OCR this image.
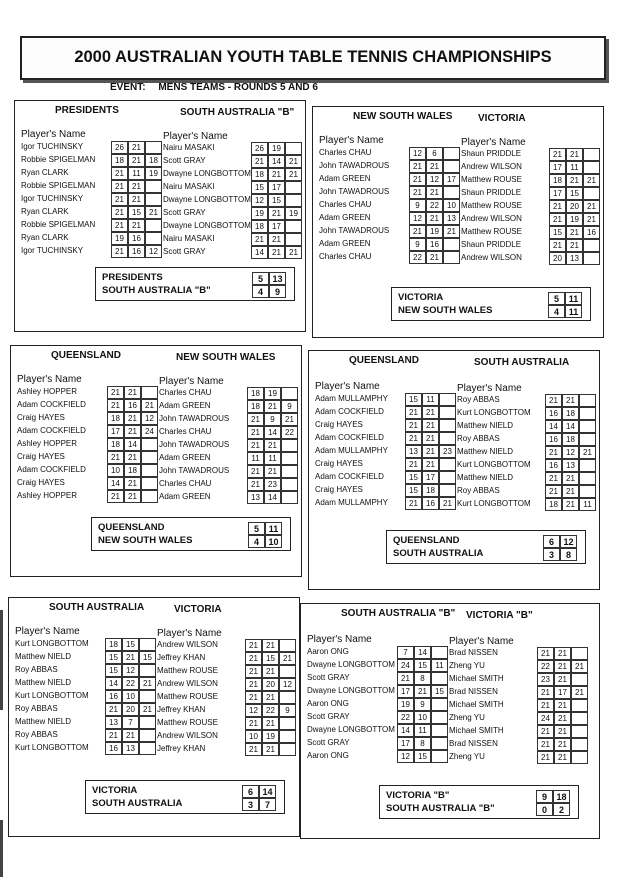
2000 AUSTRALIAN YOUTH TABLE TENNIS CHAMPIONSHIPS
EVENT: MENS TEAMS - ROUNDS 5 AND 6
PRESIDENTS	SOUTH AUSTRALIA "B"
Player's Name	Player's Name
Igor TUCHINSKY	26	21	Nairu MASAKI	26	19
Robbie SPIGELMAN	18	21	18 Scott GRAY	21	14	21
Ryan CLARK	21	11	19 Dwayne LONGBOTTOM 18	21	21
Robbie SPIGELMAN	21	21	Nairu MASAKI	15	17
Igor TUCHINSKY	21	21	Dwayne LONGBOTTOM 12	15
Ryan CLARK	21	15	21 Scott GRAY	19	21	19
Robbie SPIGELMAN	21	21	Dwayne LONGBOTTOM 18	17
Ryan CLARK	19	16	Nairu MASAKI	21	21
Igor TUCHINSKY	21	16	12 Scott GRAY	14	21	21
PRESIDENTS	5	13
SOUTH AUSTRALIA "B"	4	9
NEW SOUTH WALES	VICTORIA
Player's Name	Player's Name
Charles CHAU	12	6	Shaun PRIDDLE	21	21
John TAWADROUS	21	21	Andrew WILSON	17	11
Adam GREEN	21	12	17 Matthew ROUSE	18	21	21
John TAWADROUS	21	21	Shaun PRIDDLE	17	15
Charles CHAU	9	22	10 Matthew ROUSE	21	20	21
Adam GREEN	12	21	13 Andrew WILSON	21	19	21
John TAWADROUS	21	19	21 Matthew ROUSE	15	21	16
Adam GREEN	9	16	Shaun PRIDDLE	21	21
Charles CHAU	22	21	Andrew WILSON	20	13
VICTORIA	5	11
NEW SOUTH WALES	4	11
QUEENSLAND	NEW SOUTH WALES
Player's Name	Player's Name
Ashley HOPPER	21	21	Charles CHAU	18	19
Adam COCKFIELD	21	16	21 Adam GREEN	18	21	9
Craig HAYES	18	21	12 John TAWADROUS	21	9	21
Adam COCKFIELD	17	21	24 Charles CHAU	21	14	22
Ashley HOPPER	18	14	John TAWADROUS	21	21
Craig HAYES	21	21	Adam GREEN	11	11
Adam COCKFIELD	10	18	John TAWADROUS	21	21
Craig HAYES	14	21	Charles CHAU	21	23
Ashley HOPPER	21	21	Adam GREEN	13	14
QUEENSLAND	5	11
NEW SOUTH WALES	4	10
QUEENSLAND	SOUTH AUSTRALIA
Player's Name	Player's Name
Adam MULLAMPHY	15	11	Roy ABBAS	21	21
Adam COCKFIELD	21	21	Kurt LONGBOTTOM	16	18
Craig HAYES	21	21	Matthew NIELD	14	14
Adam COCKFIELD	21	21	Roy ABBAS	16	18
Adam MULLAMPHY	13	21	23 Matthew NIELD	21	12	21
Craig HAYES	21	21	Kurt LONGBOTTOM	16	13
Adam COCKFIELD	15	17	Matthew NIELD	21	21
Craig HAYES	15	18	Roy ABBAS	21	21
Adam MULLAMPHY	21	16	21 Kurt LONGBOTTOM	18	21	11
QUEENSLAND	6	12
SOUTH AUSTRALIA	3	8
SOUTH AUSTRALIA	VICTORIA
Player's Name	Player's Name
Kurt LONGBOTTOM	18	15	Andrew WILSON	21	21
Matthew NIELD	15	21	15 Jeffrey KHAN	21	15	21
Roy ABBAS	15	12	Matthew ROUSE	21	21
Matthew NIELD	14	22	21 Andrew WILSON	21	20	12
Kurt LONGBOTTOM	16	10	Matthew ROUSE	21	21
Roy ABBAS	21	20	21 Jeffrey KHAN	12	22	9
Matthew NIELD	13	7	Matthew ROUSE	21	21
Roy ABBAS	21	21	Andrew WILSON	10	19
Kurt LONGBOTTOM	16	13	Jeffrey KHAN	21	21
VICTORIA	6	14
SOUTH AUSTRALIA	3	7
SOUTH AUSTRALIA "B" VICTORIA "B"
Player's Name	Player's Name
Aaron ONG	7	14	Brad NISSEN	21	21
Dwayne LONGBOTTOM 24	15	11 Zheng YU	22	21	21
Scott GRAY	21	8	Michael SMITH	23	21
Dwayne LONGBOTTOM 17	21	15 Brad NISSEN	21	17	21
Aaron ONG	19	9	Michael SMITH	21	21
Scott GRAY	22	10	Zheng YU	24	21
Dwayne LONGBOTTOM 14	11	Michael SMITH	21	21
Scott GRAY	17	8	Brad NISSEN	21	21
Aaron ONG	12	15	Zheng YU	21	21
VICTORIA "B"	9	18
SOUTH AUSTRALIA "B"	0	2
